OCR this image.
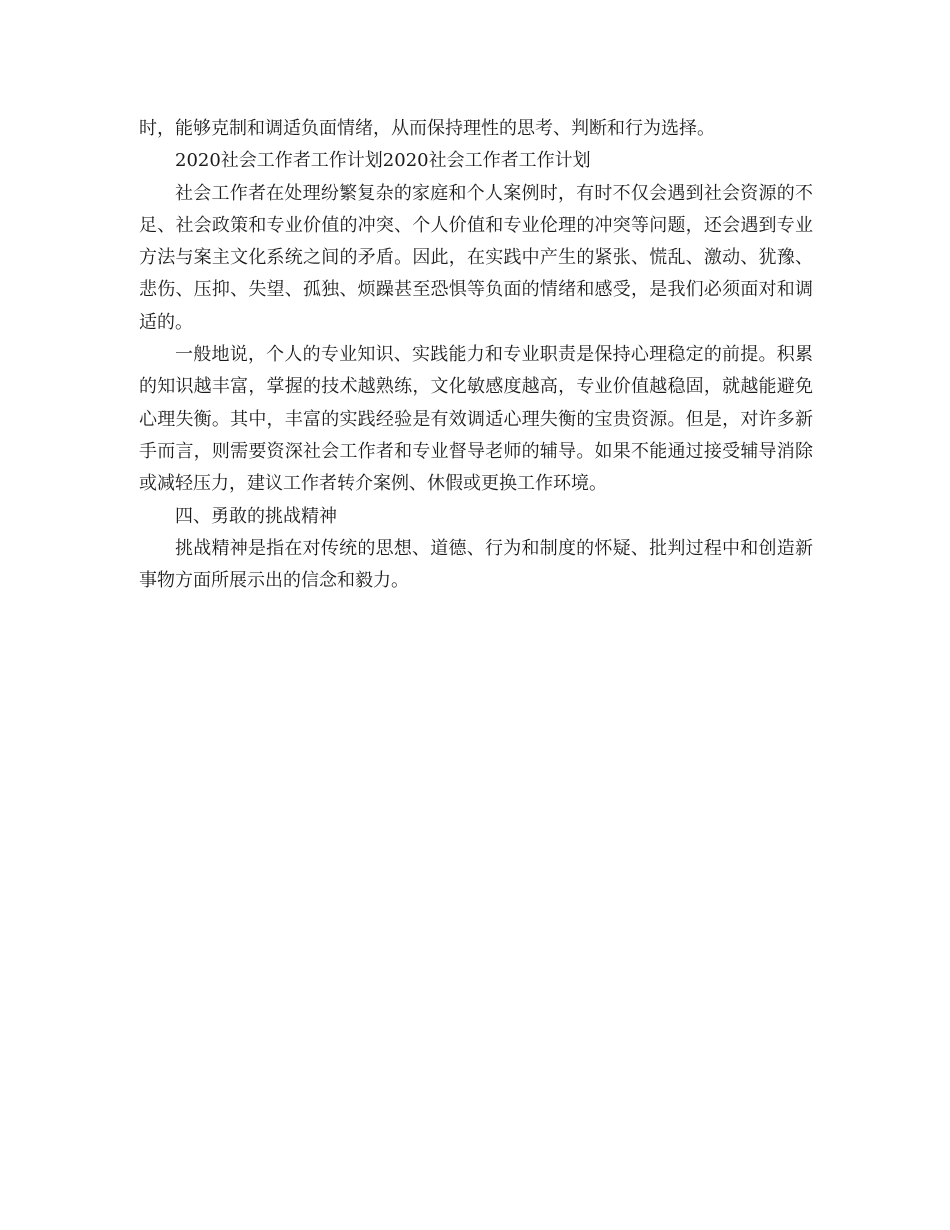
时，能够克制和调适负面情绪，从而保持理性的思考、判断和行为选择。

2020社会工作者工作计划2020社会工作者工作计划

社会工作者在处理纷繁复杂的家庭和个人案例时，有时不仅会遇到社会资源的不足、社会政策和专业价值的冲突、个人价值和专业伦理的冲突等问题，还会遇到专业方法与案主文化系统之间的矛盾。因此，在实践中产生的紧张、慌乱、激动、犹豫、悲伤、压抑、失望、孤独、烦躁甚至恐惧等负面的情绪和感受，是我们必须面对和调适的。

一般地说，个人的专业知识、实践能力和专业职责是保持心理稳定的前提。积累的知识越丰富，掌握的技术越熟练，文化敏感度越高，专业价值越稳固，就越能避免心理失衡。其中，丰富的实践经验是有效调适心理失衡的宝贵资源。但是，对许多新手而言，则需要资深社会工作者和专业督导老师的辅导。如果不能通过接受辅导消除或减轻压力，建议工作者转介案例、休假或更换工作环境。

四、勇敢的挑战精神

挑战精神是指在对传统的思想、道德、行为和制度的怀疑、批判过程中和创造新事物方面所展示出的信念和毅力。
